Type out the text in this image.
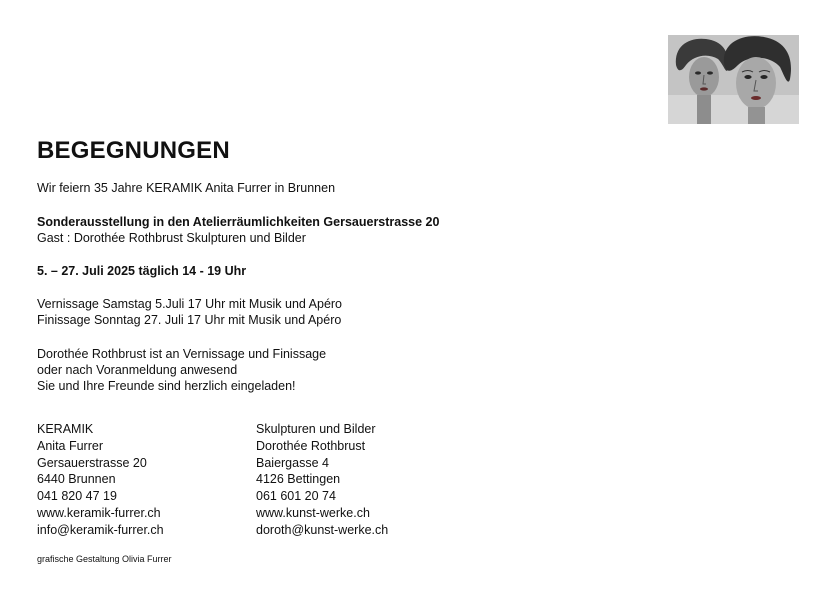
BEGEGNUNGEN

Wir feiern 35 Jahre KERAMIK Anita Furrer in Brunnen

Sonderausstellung in den Atelierräumlichkeiten Gersauerstrasse 20

Gast : Dorothée Rothbrust Skulpturen und Bilder

5. – 27. Juli 2025 täglich 14 - 19 Uhr

Vernissage Samstag 5.Juli 17 Uhr mit Musik und Apéro

Finissage Sonntag 27. Juli 17 Uhr mit Musik und Apéro

Dorothée Rothbrust ist an Vernissage und Finissage

oder nach Voranmeldung anwesend

Sie und Ihre Freunde sind herzlich eingeladen!

KERAMIK
Anita Furrer
Gersauerstrasse 20
6440 Brunnen
041 820 47 19
www.keramik-furrer.ch
info@keramik-furrer.ch
Skulpturen und Bilder
Dorothée Rothbrust
Baiergasse 4
4126 Bettingen
061 601 20 74
www.kunst-werke.ch
doroth@kunst-werke.ch
grafische Gestaltung Olivia Furrer
